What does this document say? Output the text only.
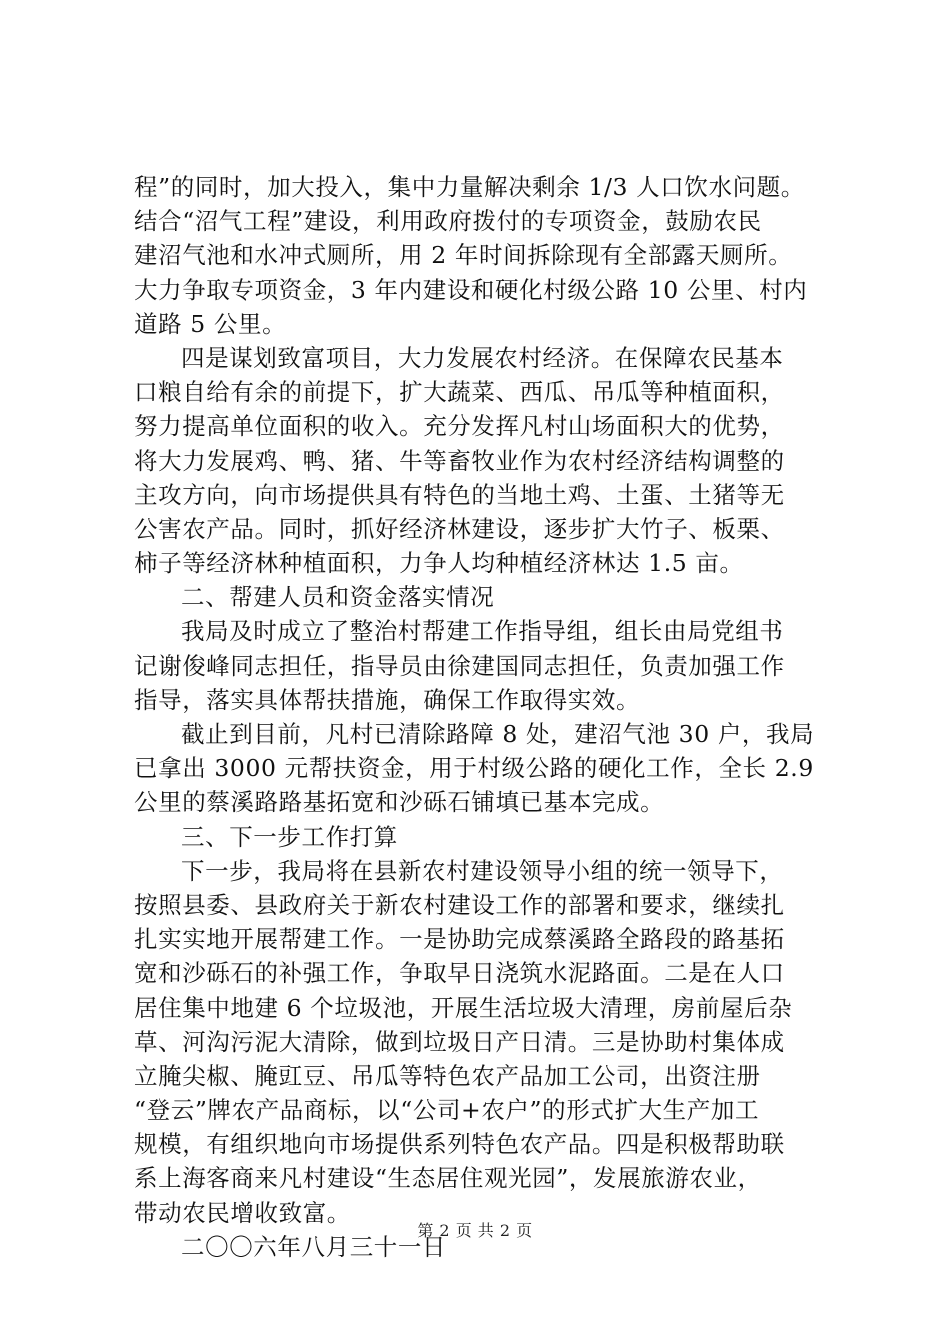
程”的同时，加大投入，集中力量解决剩余 1/3 人口饮水问题。
结合“沼气工程”建设，利用政府拨付的专项资金，鼓励农民
建沼气池和水冲式厕所，用 2 年时间拆除现有全部露天厕所。
大力争取专项资金，3 年内建设和硬化村级公路 10 公里、村内
道路 5 公里。
四是谋划致富项目，大力发展农村经济。在保障农民基本
口粮自给有余的前提下，扩大蔬菜、西瓜、吊瓜等种植面积，
努力提高单位面积的收入。充分发挥凡村山场面积大的优势，
将大力发展鸡、鸭、猪、牛等畜牧业作为农村经济结构调整的
主攻方向，向市场提供具有特色的当地土鸡、土蛋、土猪等无
公害农产品。同时，抓好经济林建设，逐步扩大竹子、板栗、
柿子等经济林种植面积，力争人均种植经济林达 1.5 亩。
二、帮建人员和资金落实情况
我局及时成立了整治村帮建工作指导组，组长由局党组书
记谢俊峰同志担任，指导员由徐建国同志担任，负责加强工作
指导，落实具体帮扶措施，确保工作取得实效。
截止到目前，凡村已清除路障 8 处，建沼气池 30 户，我局
已拿出 3000 元帮扶资金，用于村级公路的硬化工作，全长 2.9
公里的蔡溪路路基拓宽和沙砾石铺填已基本完成。
三、下一步工作打算
下一步，我局将在县新农村建设领导小组的统一领导下，
按照县委、县政府关于新农村建设工作的部署和要求，继续扎
扎实实地开展帮建工作。一是协助完成蔡溪路全路段的路基拓
宽和沙砾石的补强工作，争取早日浇筑水泥路面。二是在人口
居住集中地建 6 个垃圾池，开展生活垃圾大清理，房前屋后杂
草、河沟污泥大清除，做到垃圾日产日清。三是协助村集体成
立腌尖椒、腌豇豆、吊瓜等特色农产品加工公司，出资注册
“登云”牌农产品商标，以“公司+农户”的形式扩大生产加工
规模，有组织地向市场提供系列特色农产品。四是积极帮助联
系上海客商来凡村建设“生态居住观光园”，发展旅游农业，
带动农民增收致富。
二〇〇六年八月三十一日
第 2 页 共 2 页
